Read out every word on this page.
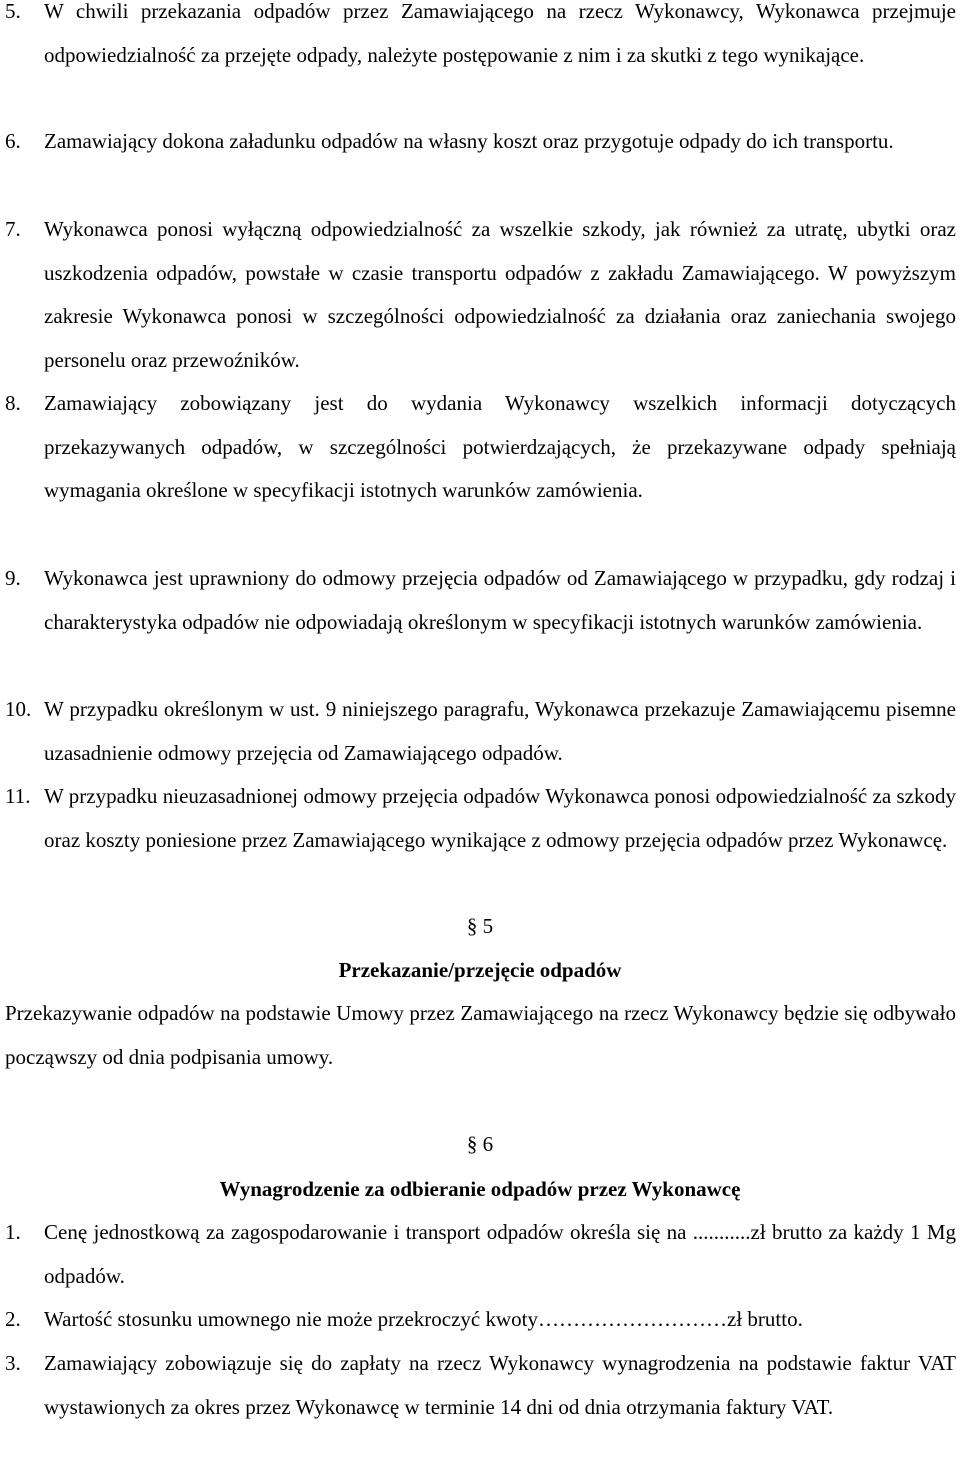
5.	W chwili przekazania odpadów przez Zamawiającego na rzecz Wykonawcy, Wykonawca przejmuje odpowiedzialność za przejęte odpady, należyte postępowanie z nim i za skutki z tego wynikające.
6.	Zamawiający dokona załadunku odpadów na własny koszt oraz przygotuje odpady do ich transportu.
7.	Wykonawca ponosi wyłączną odpowiedzialność za wszelkie szkody, jak również za utratę, ubytki oraz uszkodzenia odpadów, powstałe w czasie transportu odpadów z zakładu Zamawiającego. W powyższym zakresie Wykonawca ponosi w szczególności odpowiedzialność za działania oraz zaniechania swojego personelu oraz przewoźników.
8.	Zamawiający zobowiązany jest do wydania Wykonawcy wszelkich informacji dotyczących przekazywanych odpadów, w szczególności potwierdzających, że przekazywane odpady spełniają wymagania określone w specyfikacji istotnych warunków zamówienia.
9.	Wykonawca jest uprawniony do odmowy przejęcia odpadów od Zamawiającego w przypadku, gdy rodzaj i charakterystyka odpadów nie odpowiadają określonym w specyfikacji istotnych warunków zamówienia.
10. W przypadku określonym w ust. 9 niniejszego paragrafu, Wykonawca przekazuje Zamawiającemu pisemne uzasadnienie odmowy przejęcia od Zamawiającego odpadów.
11. W przypadku nieuzasadnionej odmowy przejęcia odpadów Wykonawca ponosi odpowiedzialność za szkody oraz koszty poniesione przez Zamawiającego wynikające z odmowy przejęcia odpadów przez Wykonawcę.
§ 5
Przekazanie/przejęcie odpadów
Przekazywanie odpadów na podstawie Umowy przez Zamawiającego na rzecz Wykonawcy będzie się odbywało począwszy od dnia podpisania umowy.
§ 6
Wynagrodzenie za odbieranie odpadów przez Wykonawcę
1.	Cenę jednostkową za zagospodarowanie i transport odpadów określa się na ...........zł brutto za każdy 1 Mg odpadów.
2.	Wartość stosunku umownego nie może przekroczyć kwoty………………………zł brutto.
3.	Zamawiający zobowiązuje się do zapłaty na rzecz Wykonawcy wynagrodzenia na podstawie faktur VAT wystawionych za okres przez Wykonawcę w terminie 14 dni od dnia otrzymania faktury VAT.
